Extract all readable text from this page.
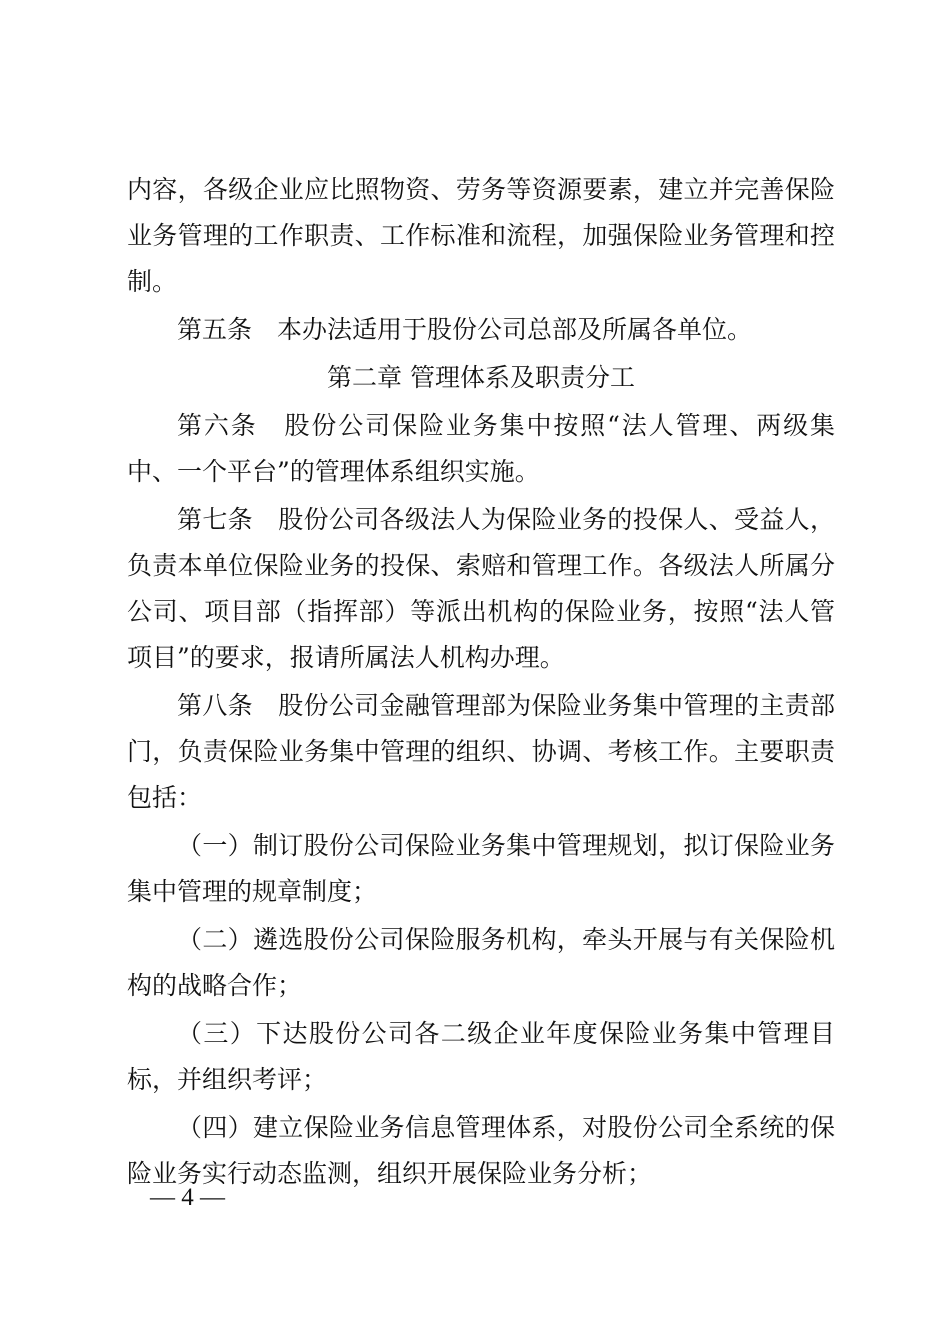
内容，各级企业应比照物资、劳务等资源要素，建立并完善保险业务管理的工作职责、工作标准和流程，加强保险业务管理和控制。

第五条　本办法适用于股份公司总部及所属各单位。

第二章 管理体系及职责分工

第六条　股份公司保险业务集中按照“法人管理、两级集中、一个平台”的管理体系组织实施。

第七条　股份公司各级法人为保险业务的投保人、受益人，负责本单位保险业务的投保、索赔和管理工作。各级法人所属分公司、项目部（指挥部）等派出机构的保险业务，按照“法人管项目”的要求，报请所属法人机构办理。

第八条　股份公司金融管理部为保险业务集中管理的主责部门，负责保险业务集中管理的组织、协调、考核工作。主要职责包括：

（一）制订股份公司保险业务集中管理规划，拟订保险业务集中管理的规章制度；

（二）遴选股份公司保险服务机构，牵头开展与有关保险机构的战略合作；

（三）下达股份公司各二级企业年度保险业务集中管理目标，并组织考评；

（四）建立保险业务信息管理体系，对股份公司全系统的保险业务实行动态监测，组织开展保险业务分析；

— 4 —
